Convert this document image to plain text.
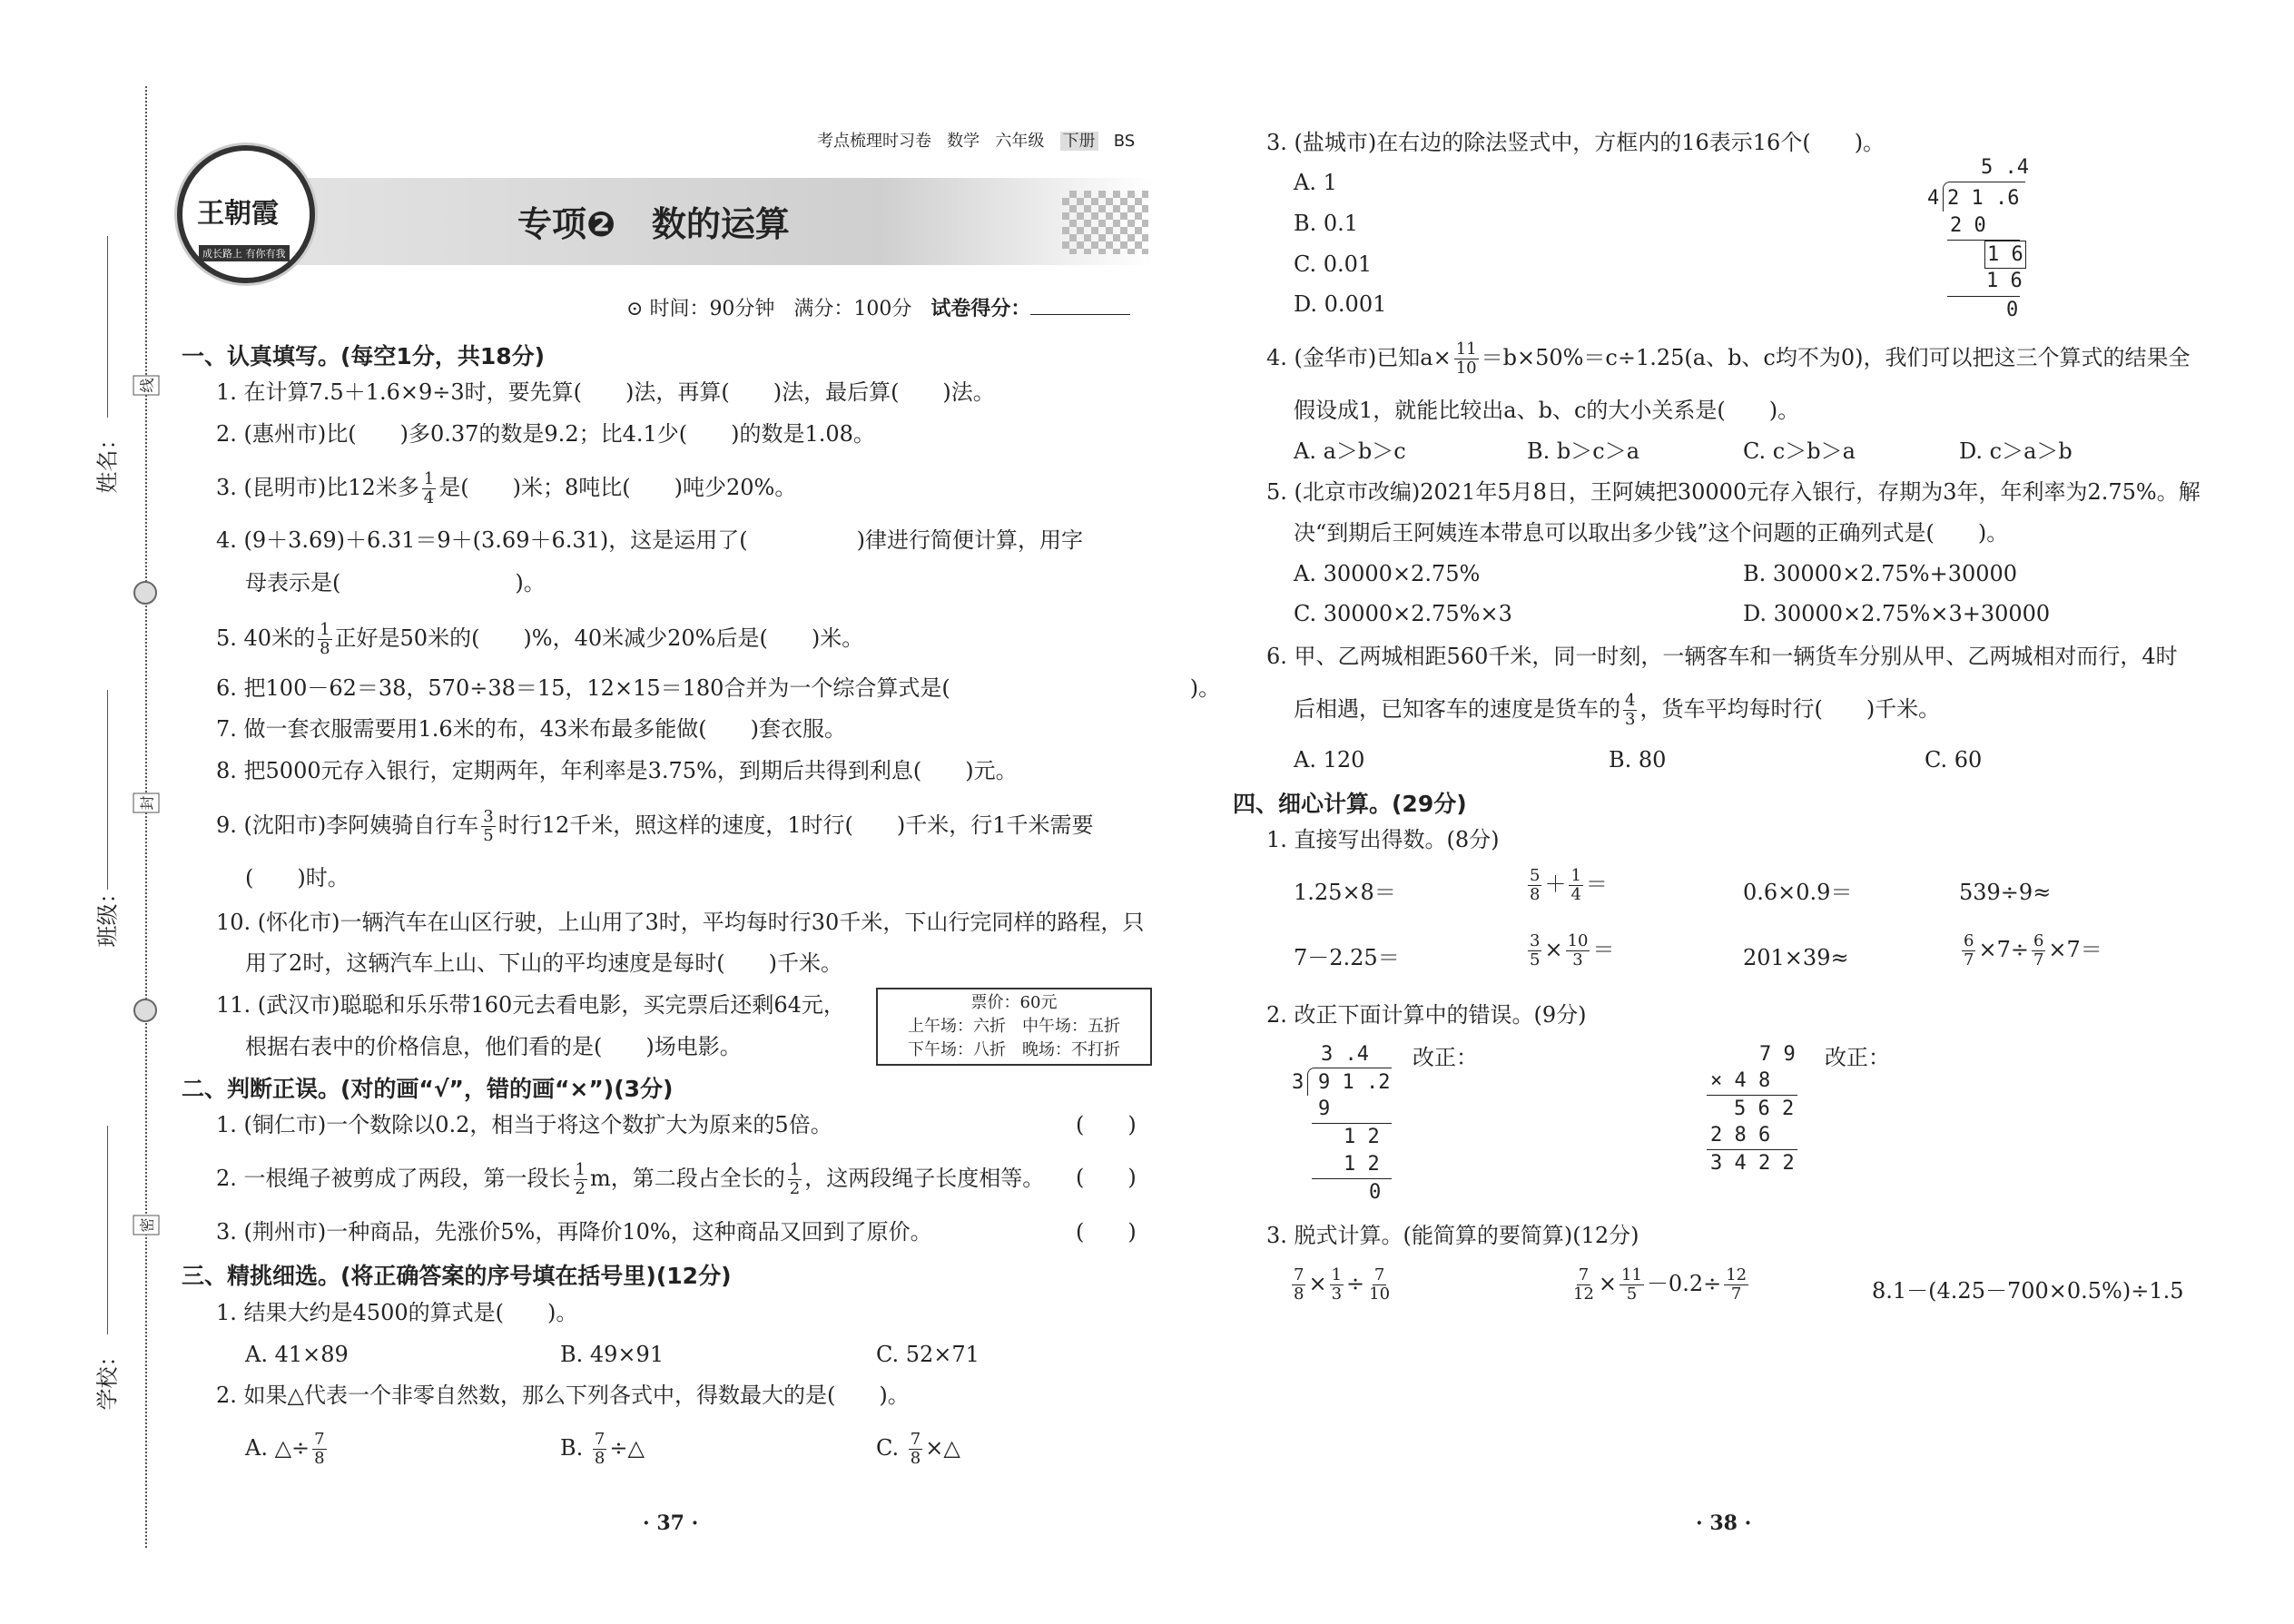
姓名：
班级：
学校：
线
封
密
王朝霞
成长路上 有你有我
考点梳理时习卷 数学 六年级 下册 BS
专项❷ 数的运算
⊙ 时间：90分钟 满分：100分 试卷得分：
一、认真填写。(每空1分，共18分)
1. 在计算7.5＋1.6×9÷3时，要先算(　　)法，再算(　　)法，最后算(　　)法。
2. (惠州市)比(　　)多0.37的数是9.2；比4.1少(　　)的数是1.08。
3. (昆明市)比12米多 $\frac{1}{4}$ 是(　　)米；8吨比(　　)吨少20%。
4. (9＋3.69)＋6.31＝9＋(3.69＋6.31)，这是运用了(　　　　　)律进行简便计算，用字
母表示是(　　　　　　　　)。
5. 40米的 $\frac{1}{8}$ 正好是50米的(　　)%，40米减少20%后是(　　)米。
6. 把100－62＝38，570÷38＝15，12×15＝180合并为一个综合算式是(　　　　　　　　　　　)。
7. 做一套衣服需要用1.6米的布，43米布最多能做(　　)套衣服。
8. 把5000元存入银行，定期两年，年利率是3.75%，到期后共得到利息(　　)元。
9. (沈阳市)李阿姨骑自行车 $\frac{3}{5}$ 时行12千米，照这样的速度，1时行(　　)千米，行1千米需要
(　　)时。
10. (怀化市)一辆汽车在山区行驶，上山用了3时，平均每时行30千米，下山行完同样的路程，只
用了2时，这辆汽车上山、下山的平均速度是每时(　　)千米。
11. (武汉市)聪聪和乐乐带160元去看电影，买完票后还剩64元，
根据右表中的价格信息，他们看的是(　　)场电影。
票价：60元
上午场：六折　中午场：五折
下午场：八折　晚场：不打折
二、判断正误。(对的画“√”，错的画“×”)(3分)
1. (铜仁市)一个数除以0.2，相当于将这个数扩大为原来的5倍。	(　　)
2. 一根绳子被剪成了两段，第一段长 $\frac{1}{2}$ m，第二段占全长的 $\frac{1}{2}$ ，这两段绳子长度相等。 (　　)
3. (荆州市)一种商品，先涨价5%，再降价10%，这种商品又回到了原价。	(　　)
三、精挑细选。(将正确答案的序号填在括号里)(12分)
1. 结果大约是4500的算式是(　　)。
A. 41×89	B. 49×91	C. 52×71
2. 如果△代表一个非零自然数，那么下列各式中，得数最大的是(　　)。
A. △÷ $\frac{7}{8}$	B. $\frac{7}{8}$ ÷△	C. $\frac{7}{8}$ ×△
· 37 ·
3. (盐城市)在右边的除法竖式中，方框内的16表示16个(　　)。
A. 1
B. 0.1
C. 0.01
D. 0.001
5 .4
4 2 1 .6
2 0
1 6
1 6
0
4. (金华市)已知$a\times \frac{11}{10} =b\times 50\%=c\div 1.25(a$、b、c均不为0)，我们可以把这三个算式的结果全
假设成1，就能比较出a、b、c的大小关系是(　　)。
A. a＞b＞c	B. b＞c＞a	C. c＞b＞a	D. c＞a＞b
5. (北京市改编)2021年5月8日，王阿姨把30000元存入银行，存期为3年，年利率为2.75%。解
决“到期后王阿姨连本带息可以取出多少钱”这个问题的正确列式是(　　)。
A. 30000×2.75%	B. 30000×2.75%+30000
C. 30000×2.75%×3	D. 30000×2.75%×3+30000
6. 甲、乙两城相距560千米，同一时刻，一辆客车和一辆货车分别从甲、乙两城相对而行，4时
后相遇，已知客车的速度是货车的 $\frac{4}{3}$ ，货车平均每时行(　　)千米。
A. 120	B. 80	C. 60
四、细心计算。(29分)
1. 直接写出得数。(8分)
1.25×8＝	$\frac{5}{8} + \frac{1}{4}$ ＝	0.6×0.9＝	539÷9≈
7－2.25＝	$\frac{3}{5} \times \frac{10}{3}$ ＝	201×39≈	$\frac{6}{7} \times 7\div \frac{6}{7} \times 7=$
2. 改正下面计算中的错误。(9分)
3 .4
3 9 1 .2
9
1 2
1 2
0
改正：	7 9
× 4 8
5 6 2
2 8 6
3 4 2 2
改正：
3. 脱式计算。(能简算的要简算)(12分)
$\frac{7}{8} \times \frac{1}{3} \div \frac{7}{10}$	$\frac{7}{12} \times \frac{11}{5} -0.2\div \frac{12}{7}$	8.1－(4.25－700×0.5%)÷1.5
· 38 ·
